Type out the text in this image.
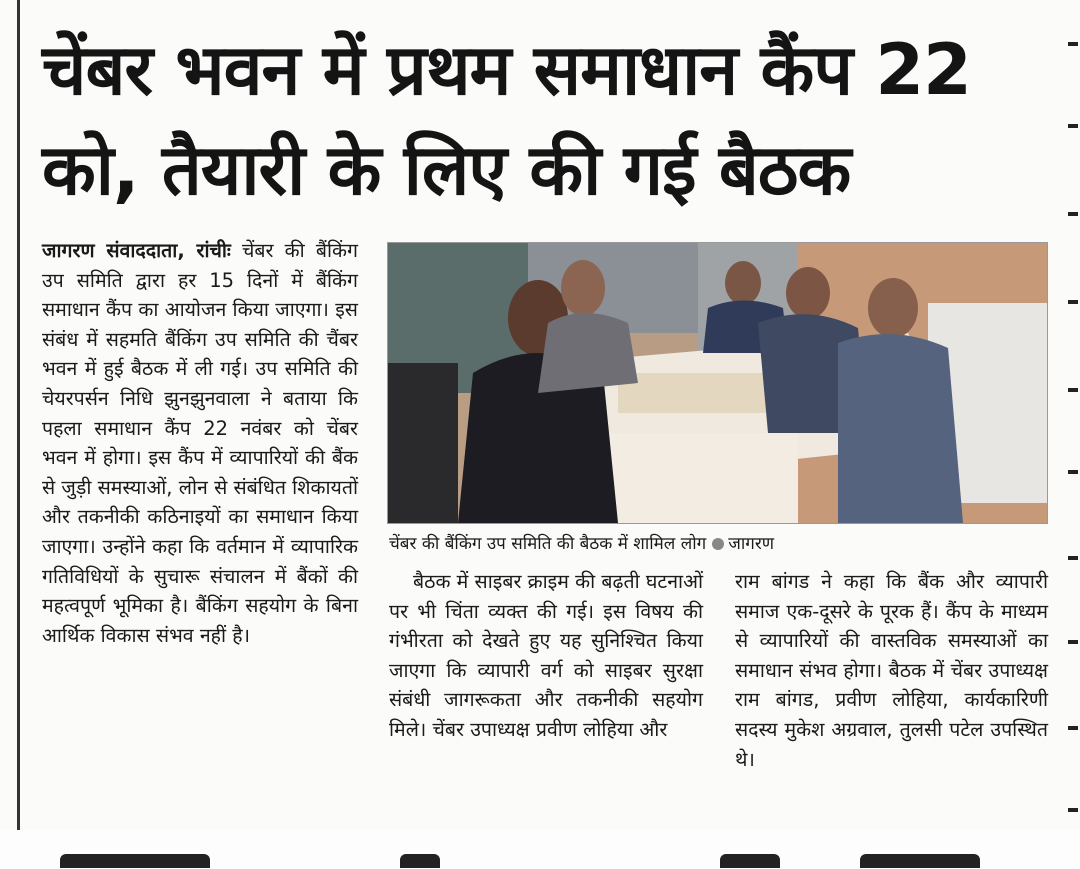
चेंबर भवन में प्रथम समाधान कैंप 22
को, तैयारी के लिए की गई बैठक
जागरण संवाददाता, रांचीः चेंबर की बैंकिंग उप समिति द्वारा हर 15 दिनों में बैंकिंग समाधान कैंप का आयोजन किया जाएगा। इस संबंध में सहमति बैंकिंग उप समिति की चैंबर भवन में हुई बैठक में ली गई। उप समिति की चेयरपर्सन निधि झुनझुनवाला ने बताया कि पहला समाधान कैंप 22 नवंबर को चेंबर भवन में होगा। इस कैंप में व्यापारियों की बैंक से जुड़ी समस्याओं, लोन से संबंधित शिकायतों और तकनीकी कठिनाइयों का समाधान किया जाएगा। उन्होंने कहा कि वर्तमान में व्यापारिक गतिविधियों के सुचारू संचालन में बैंकों की महत्वपूर्ण भूमिका है। बैंकिंग सहयोग के बिना आर्थिक विकास संभव नहीं है।
चेंबर की बैंकिंग उप समिति की बैठक में शामिल लोग जागरण
बैठक में साइबर क्राइम की बढ़ती घटनाओं पर भी चिंता व्यक्त की गई। इस विषय की गंभीरता को देखते हुए यह सुनिश्चित किया जाएगा कि व्यापारी वर्ग को साइबर सुरक्षा संबंधी जागरूकता और तकनीकी सहयोग मिले। चेंबर उपाध्यक्ष प्रवीण लोहिया और
राम बांगड ने कहा कि बैंक और व्यापारी समाज एक-दूसरे के पूरक हैं। कैंप के माध्यम से व्यापारियों की वास्तविक समस्याओं का समाधान संभव होगा। बैठक में चेंबर उपाध्यक्ष राम बांगड, प्रवीण लोहिया, कार्यकारिणी सदस्य मुकेश अग्रवाल, तुलसी पटेल उपस्थित थे।
